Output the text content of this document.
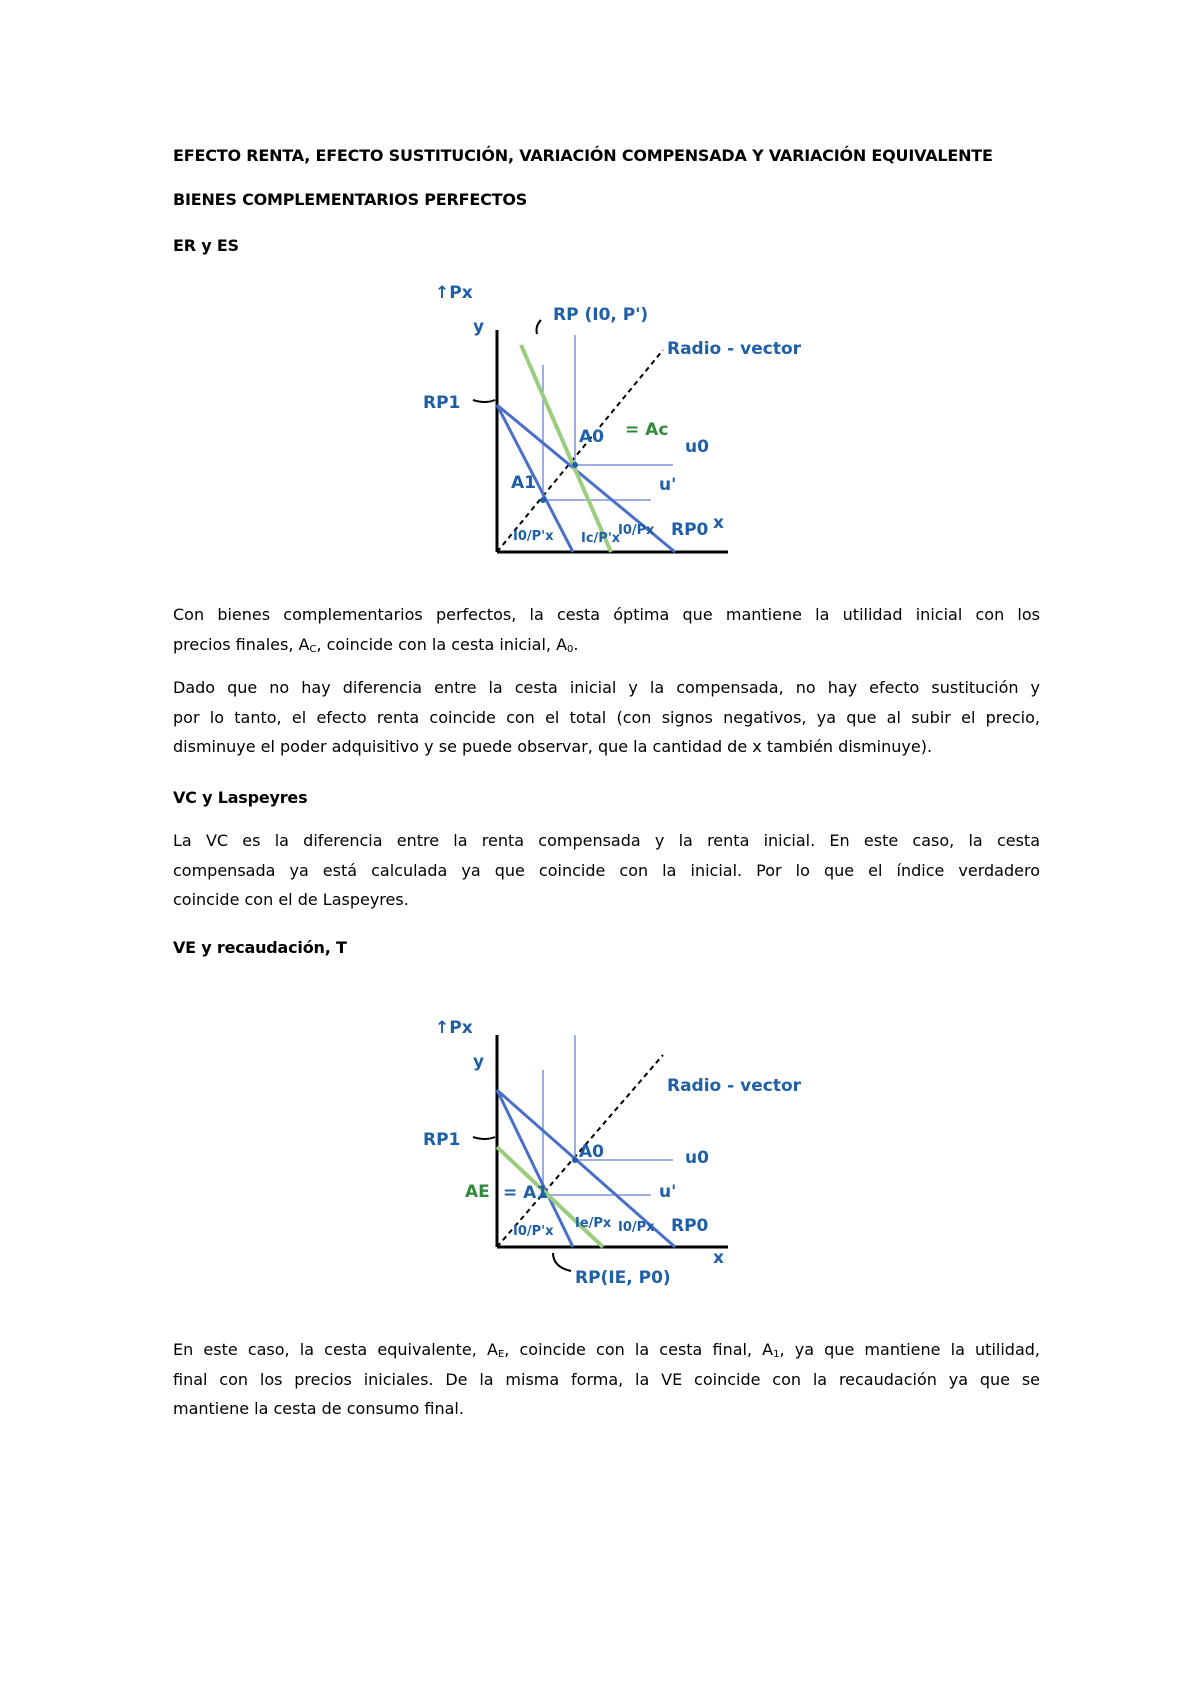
EFECTO RENTA, EFECTO SUSTITUCIÓN, VARIACIÓN COMPENSADA Y VARIACIÓN EQUIVALENTE
BIENES COMPLEMENTARIOS PERFECTOS
ER y ES
↑Px
y
x
RP (I0, P')
Radio - vector
RP1
A0 = Ac
u0
u'
A1
RP0
I0/P'x Ic/P'x
I0/Px
Con bienes complementarios perfectos, la cesta óptima que mantiene la utilidad inicial con los
precios finales, $A_C$, coincide con la cesta inicial, $A_0$.
Dado que no hay diferencia entre la cesta inicial y la compensada, no hay efecto sustitución y
por lo tanto, el efecto renta coincide con el total (con signos negativos, ya que al subir el precio,
disminuye el poder adquisitivo y se puede observar, que la cantidad de x también disminuye).
VC y Laspeyres
La VC es la diferencia entre la renta compensada y la renta inicial. En este caso, la cesta
compensada ya está calculada ya que coincide con la inicial. Por lo que el índice verdadero
coincide con el de Laspeyres.
VE y recaudación, T
↑Px
y
x
Radio - vector
RP1
A0	u0
u'
AE = A1
RP0
RP(IE, P0)
I0/P'x
Ie/Px I0/Px
En este caso, la cesta equivalente, $A_E$, coincide con la cesta final, $A_1$, ya que mantiene la utilidad,
final con los precios iniciales. De la misma forma, la VE coincide con la recaudación ya que se
mantiene la cesta de consumo final.
